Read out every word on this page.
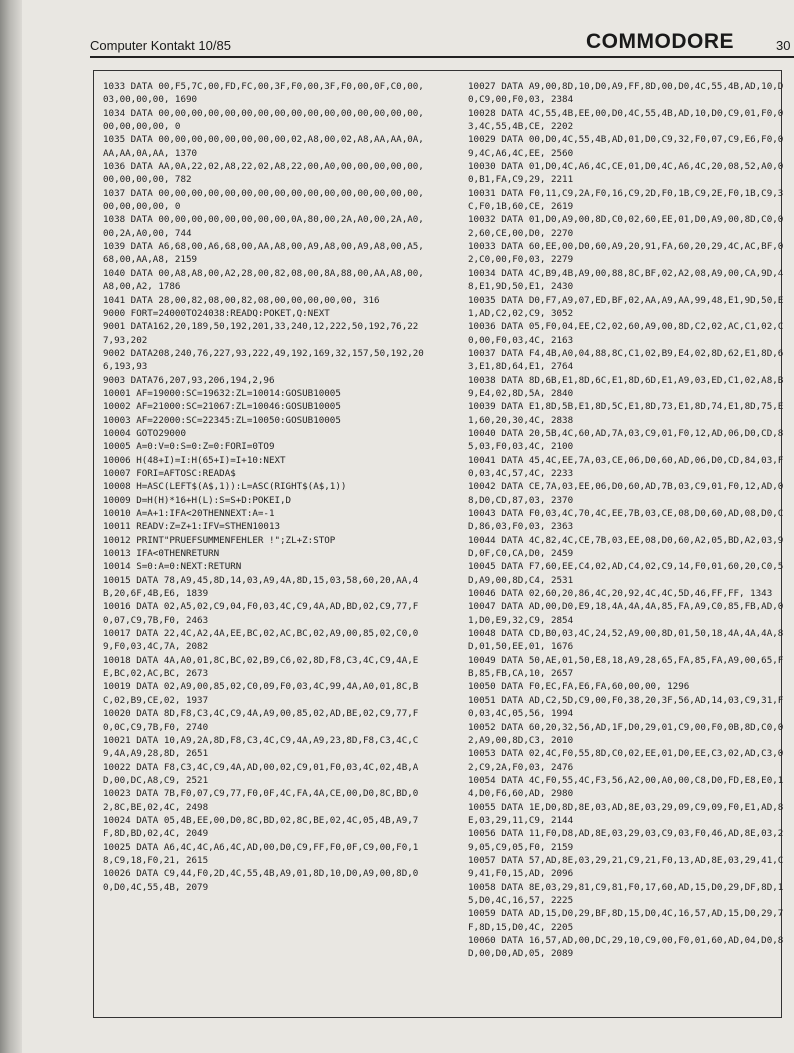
Computer Kontakt 10/85	COMMODORE	30
1033 DATA 00,F5,7C,00,FD,FC,00,3F,F0,00,3F,F0,00,0F,C0,00,03,00,00,00, 1690
1034 DATA 00,00,00,00,00,00,00,00,00,00,00,00,00,00,00,00,00,00,00,00, 0
1035 DATA 00,00,00,00,00,00,00,00,02,A8,00,02,A8,AA,AA,0A,AA,AA,0A,AA, 1370
1036 DATA AA,0A,22,02,A8,22,02,A8,22,00,A0,00,00,00,00,00,00,00,00,00, 782
1037 DATA 00,00,00,00,00,00,00,00,00,00,00,00,00,00,00,00,00,00,00,00, 0
1038 DATA 00,00,00,00,00,00,00,00,0A,80,00,2A,A0,00,2A,A0,00,2A,A0,00, 744
1039 DATA A6,68,00,A6,68,00,AA,A8,00,A9,A8,00,A9,A8,00,A5,68,00,AA,A8, 2159
1040 DATA 00,A8,A8,00,A2,28,00,82,08,00,8A,88,00,AA,A8,00,A8,00,A2, 1786
1041 DATA 28,00,82,08,00,82,08,00,00,00,00,00, 316
9000 FORT=24000TO24038:READQ:POKET,Q:NEXT
9001 DATA162,20,189,50,192,201,33,240,12,222,50,192,76,227,93,202
9002 DATA208,240,76,227,93,222,49,192,169,32,157,50,192,206,193,93
9003 DATA76,207,93,206,194,2,96
10001 AF=19000:SC=19632:ZL=10014:GOSUB10005
10002 AF=21000:SC=21067:ZL=10046:GOSUB10005
10003 AF=22000:SC=22345:ZL=10050:GOSUB10005
10004 GOTO29000
10005 A=0:V=0:S=0:Z=0:FORI=0TO9
10006 H(48+I)=I:H(65+I)=I+10:NEXT
10007 FORI=AFTOSC:READA$
10008 H=ASC(LEFT$(A$,1)):L=ASC(RIGHT$(A$,1))
10009 D=H(H)*16+H(L):S=S+D:POKEI,D
10010 A=A+1:IFA<20THENNEXT:A=-1
10011 READV:Z=Z+1:IFV=STHEN10013
10012 PRINT"PRUEFSUMMENFEHLER !";ZL+Z:STOP
10013 IFA<0THENRETURN
10014 S=0:A=0:NEXT:RETURN
10015 DATA 78,A9,45,8D,14,03,A9,4A,8D,15,03,58,60,20,AA,4B,20,6F,4B,E6, 1839
10016 DATA 02,A5,02,C9,04,F0,03,4C,C9,4A,AD,BD,02,C9,77,F0,07,C9,7B,F0, 2463
10017 DATA 22,4C,A2,4A,EE,BC,02,AC,BC,02,A9,00,85,02,C0,09,F0,03,4C,7A, 2082
10018 DATA 4A,A0,01,8C,BC,02,B9,C6,02,8D,F8,C3,4C,C9,4A,EE,BC,02,AC,BC, 2673
10019 DATA 02,A9,00,85,02,C0,09,F0,03,4C,99,4A,A0,01,8C,BC,02,B9,CE,02, 1937
10020 DATA 8D,F8,C3,4C,C9,4A,A9,00,85,02,AD,BE,02,C9,77,F0,0C,C9,7B,F0, 2740
10021 DATA 10,A9,2A,8D,F8,C3,4C,C9,4A,A9,23,8D,F8,C3,4C,C9,4A,A9,28,8D, 2651
10022 DATA F8,C3,4C,C9,4A,AD,00,02,C9,01,F0,03,4C,02,4B,AD,00,DC,A8,C9, 2521
10023 DATA 7B,F0,07,C9,77,F0,0F,4C,FA,4A,CE,00,D0,8C,BD,02,8C,BE,02,4C, 2498
10024 DATA 05,4B,EE,00,D0,8C,BD,02,8C,BE,02,4C,05,4B,A9,7F,8D,BD,02,4C, 2049
10025 DATA A6,4C,4C,A6,4C,AD,00,D0,C9,FF,F0,0F,C9,00,F0,18,C9,18,F0,21, 2615
10026 DATA C9,44,F0,2D,4C,55,4B,A9,01,8D,10,D0,A9,00,8D,00,D0,4C,55,4B, 2079
10027 DATA A9,00,8D,10,D0,A9,FF,8D,00,D0,4C,55,4B,AD,10,D0,C9,00,F0,03, 2384
10028 DATA 4C,55,4B,EE,00,D0,4C,55,4B,AD,10,D0,C9,01,F0,03,4C,55,4B,CE, 2202
10029 DATA 00,D0,4C,55,4B,AD,01,D0,C9,32,F0,07,C9,E6,F0,09,4C,A6,4C,EE, 2560
10030 DATA 01,D0,4C,A6,4C,CE,01,D0,4C,A6,4C,20,08,52,A0,00,B1,FA,C9,29, 2211
10031 DATA F0,11,C9,2A,F0,16,C9,2D,F0,1B,C9,2E,F0,1B,C9,3C,F0,1B,60,CE, 2619
10032 DATA 01,D0,A9,00,8D,C0,02,60,EE,01,D0,A9,00,8D,C0,02,60,CE,00,D0, 2270
10033 DATA 60,EE,00,D0,60,A9,20,91,FA,60,20,29,4C,AC,BF,02,C0,00,F0,03, 2279
10034 DATA 4C,B9,4B,A9,00,88,8C,BF,02,A2,08,A9,00,CA,9D,48,E1,9D,50,E1, 2430
10035 DATA D0,F7,A9,07,ED,BF,02,AA,A9,AA,99,48,E1,9D,50,E1,AD,C2,02,C9, 3052
10036 DATA 05,F0,04,EE,C2,02,60,A9,00,8D,C2,02,AC,C1,02,C0,00,F0,03,4C, 2163
10037 DATA F4,4B,A0,04,88,8C,C1,02,B9,E4,02,8D,62,E1,8D,63,E1,8D,64,E1, 2764
10038 DATA 8D,6B,E1,8D,6C,E1,8D,6D,E1,A9,03,ED,C1,02,A8,B9,E4,02,8D,5A, 2840
10039 DATA E1,8D,5B,E1,8D,5C,E1,8D,73,E1,8D,74,E1,8D,75,E1,60,20,30,4C, 2838
10040 DATA 20,5B,4C,60,AD,7A,03,C9,01,F0,12,AD,06,D0,CD,85,03,F0,03,4C, 2100
10041 DATA 45,4C,EE,7A,03,CE,06,D0,60,AD,06,D0,CD,84,03,F0,03,4C,57,4C, 2233
10042 DATA CE,7A,03,EE,06,D0,60,AD,7B,03,C9,01,F0,12,AD,08,D0,CD,87,03, 2370
10043 DATA F0,03,4C,70,4C,EE,7B,03,CE,08,D0,60,AD,08,D0,CD,86,03,F0,03, 2363
10044 DATA 4C,82,4C,CE,7B,03,EE,08,D0,60,A2,05,BD,A2,03,9D,0F,C0,CA,D0, 2459
10045 DATA F7,60,EE,C4,02,AD,C4,02,C9,14,F0,01,60,20,C0,5D,A9,00,8D,C4, 2531
10046 DATA 02,60,20,86,4C,20,92,4C,4C,5D,46,FF,FF, 1343
10047 DATA AD,00,D0,E9,18,4A,4A,4A,85,FA,A9,C0,85,FB,AD,01,D0,E9,32,C9, 2854
10048 DATA CD,B0,03,4C,24,52,A9,00,8D,01,50,18,4A,4A,4A,8D,01,50,EE,01, 1676
10049 DATA 50,AE,01,50,E8,18,A9,28,65,FA,85,FA,A9,00,65,FB,85,FB,CA,10, 2657
10050 DATA F0,EC,FA,E6,FA,60,00,00, 1296
10051 DATA AD,C2,5D,C9,00,F0,38,20,3F,56,AD,14,03,C9,31,F0,03,4C,05,56, 1994
10052 DATA 60,20,32,56,AD,1F,D0,29,01,C9,00,F0,0B,8D,C0,02,A9,00,8D,C3, 2010
10053 DATA 02,4C,F0,55,8D,C0,02,EE,01,D0,EE,C3,02,AD,C3,02,C9,2A,F0,03, 2476
10054 DATA 4C,F0,55,4C,F3,56,A2,00,A0,00,C8,D0,FD,E8,E0,14,D0,F6,60,AD, 2980
10055 DATA 1E,D0,8D,8E,03,AD,8E,03,29,09,C9,09,F0,E1,AD,8E,03,29,11,C9, 2144
10056 DATA 11,F0,D8,AD,8E,03,29,03,C9,03,F0,46,AD,8E,03,29,05,C9,05,F0, 2159
10057 DATA 57,AD,8E,03,29,21,C9,21,F0,13,AD,8E,03,29,41,C9,41,F0,15,AD, 2096
10058 DATA 8E,03,29,81,C9,81,F0,17,60,AD,15,D0,29,DF,8D,15,D0,4C,16,57, 2225
10059 DATA AD,15,D0,29,BF,8D,15,D0,4C,16,57,AD,15,D0,29,7F,8D,15,D0,4C, 2205
10060 DATA 16,57,AD,00,DC,29,10,C9,00,F0,01,60,AD,04,D0,8D,00,D0,AD,05, 2089
